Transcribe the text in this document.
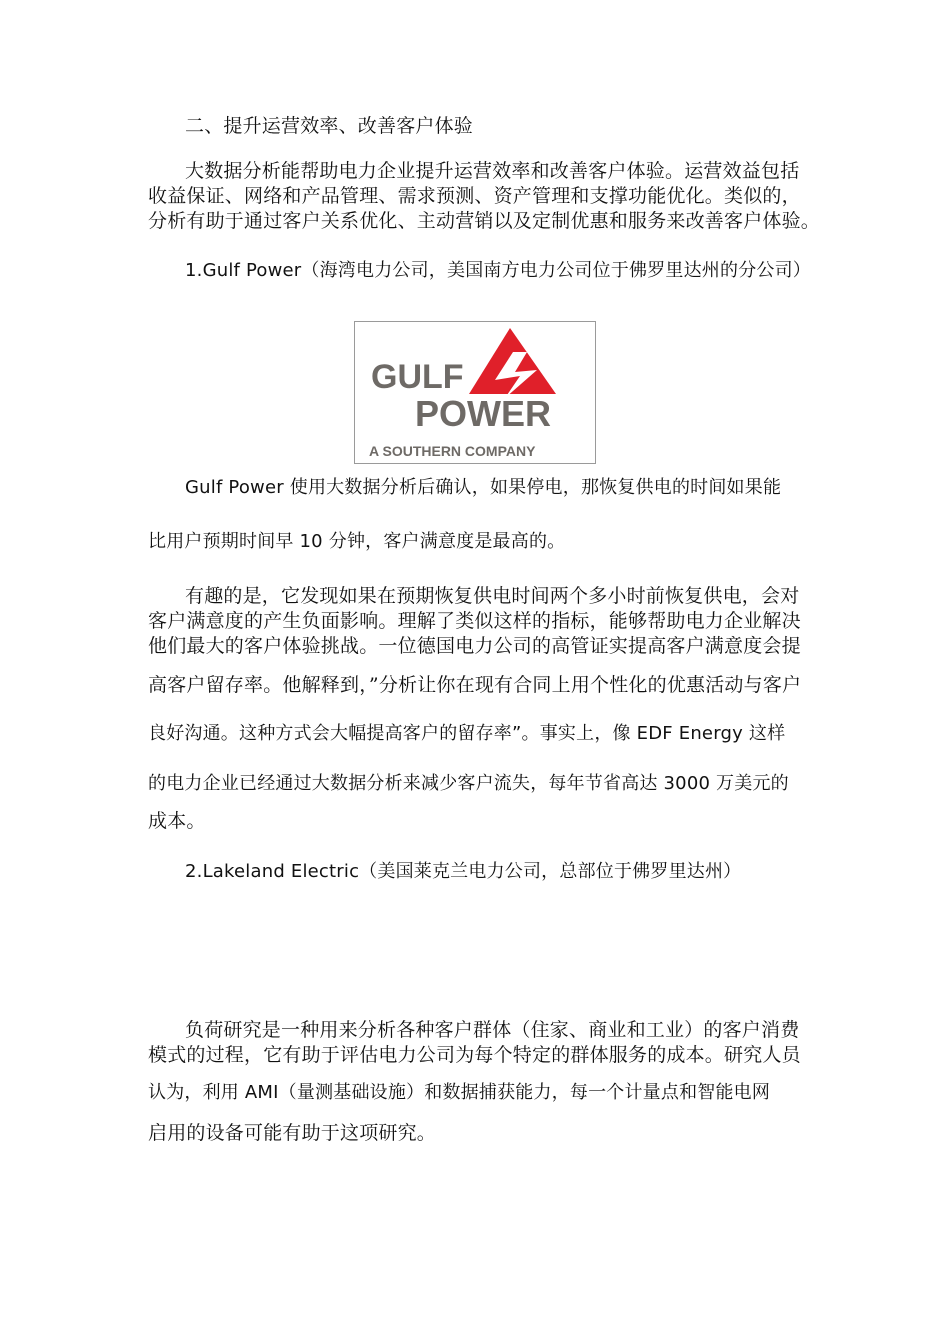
二、提升运营效率、改善客户体验
大数据分析能帮助电力企业提升运营效率和改善客户体验。运营效益包括
收益保证、网络和产品管理、需求预测、资产管理和支撑功能优化。类似的，
分析有助于通过客户关系优化、主动营销以及定制优惠和服务来改善客户体验。
1.Gulf Power（海湾电力公司，美国南方电力公司位于佛罗里达州的分公司）
GULF
POWER
A SOUTHERN COMPANY
Gulf Power 使用大数据分析后确认，如果停电，那恢复供电的时间如果能
比用户预期时间早 10 分钟，客户满意度是最高的。
有趣的是，它发现如果在预期恢复供电时间两个多小时前恢复供电，会对
客户满意度的产生负面影响。理解了类似这样的指标，能够帮助电力企业解决
他们最大的客户体验挑战。一位德国电力公司的高管证实提高客户满意度会提
高客户留存率。他解释到，”分析让你在现有合同上用个性化的优惠活动与客户
良好沟通。这种方式会大幅提高客户的留存率”。事实上，像 EDF Energy 这样
的电力企业已经通过大数据分析来减少客户流失，每年节省高达 3000 万美元的
成本。
2.Lakeland Electric（美国莱克兰电力公司，总部位于佛罗里达州）
负荷研究是一种用来分析各种客户群体（住家、商业和工业）的客户消费
模式的过程，它有助于评估电力公司为每个特定的群体服务的成本。研究人员
认为，利用 AMI（量测基础设施）和数据捕获能力，每一个计量点和智能电网
启用的设备可能有助于这项研究。
